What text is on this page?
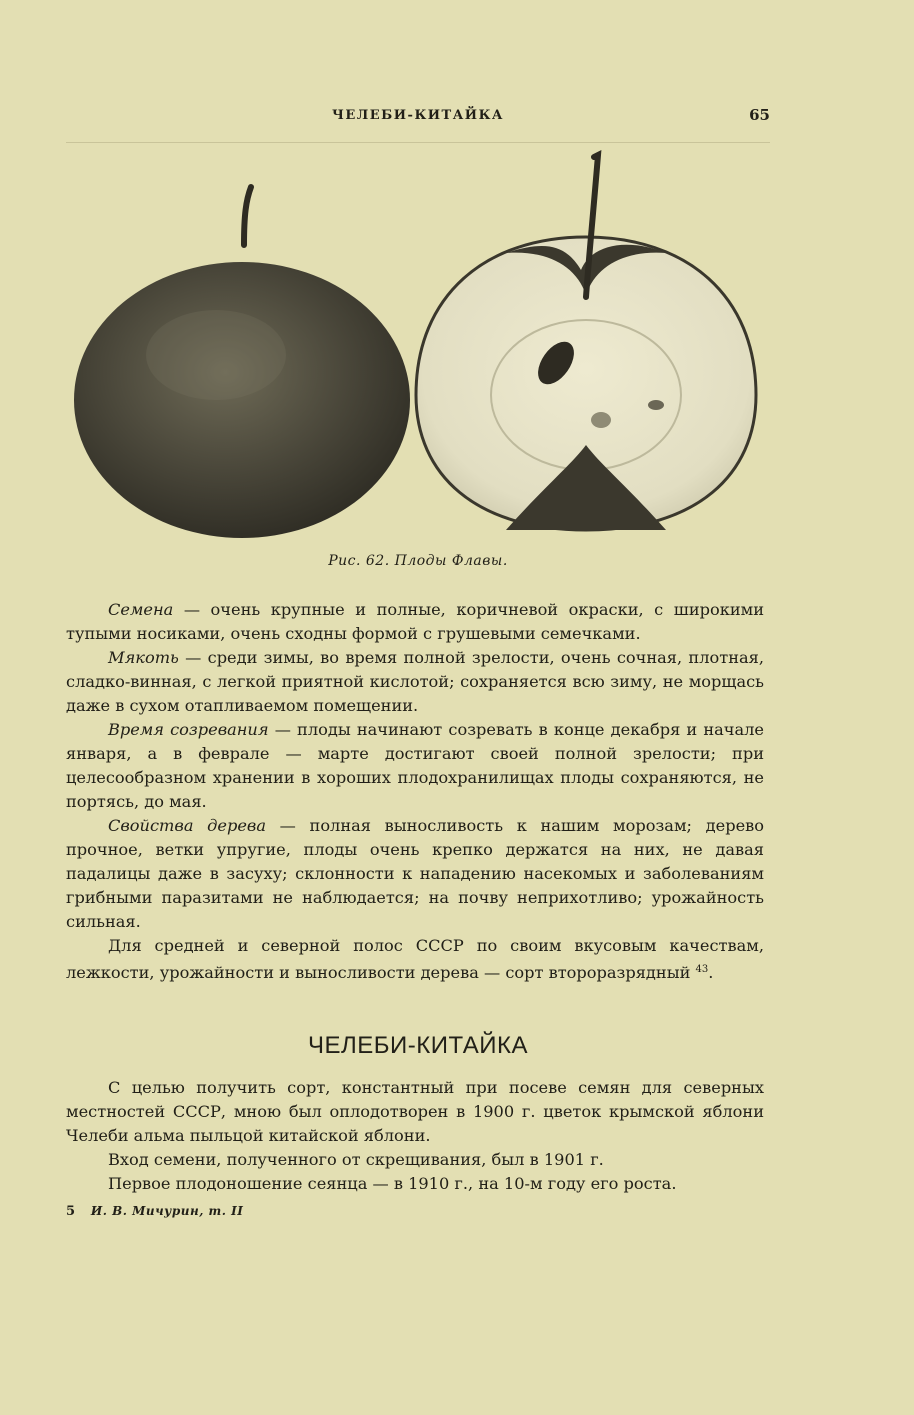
ЧЕЛЕБИ-КИТАЙКА	65
Рис. 62. Плоды Флавы.

Семена — очень крупные и полные, коричневой окраски, с широкими тупыми носиками, очень сходны формой с грушевыми семечками.

Мякоть — среди зимы, во время полной зрелости, очень сочная, плотная, сладко-винная, с легкой приятной кислотой; сохраняется всю зиму, не морщась даже в сухом отапливаемом помещении.

Время созревания — плоды начинают созревать в конце декабря и начале января, а в феврале — марте достигают своей полной зрелости; при целесообразном хранении в хороших плодохранилищах плоды сохраняются, не портясь, до мая.

Свойства дерева — полная выносливость к нашим морозам; дерево прочное, ветки упругие, плоды очень крепко держатся на них, не давая падалицы даже в засуху; склонности к нападению насекомых и заболеваниям грибными паразитами не наблюдается; на почву неприхотливо; урожайность сильная.

Для средней и северной полос СССР по своим вкусовым качествам, лежкости, урожайности и выносливости дерева — сорт второразрядный $^{43}$.

ЧЕЛЕБИ-КИТАЙКА

С целью получить сорт, константный при посеве семян для северных местностей СССР, мною был оплодотворен в 1900 г. цветок крымской яблони Челеби альма пыльцой китайской яблони.

Вход семени, полученного от скрещивания, был в 1901 г.

Первое плодоношение сеянца — в 1910 г., на 10-м году его роста.

5 И. В. Мичурин, т. II
